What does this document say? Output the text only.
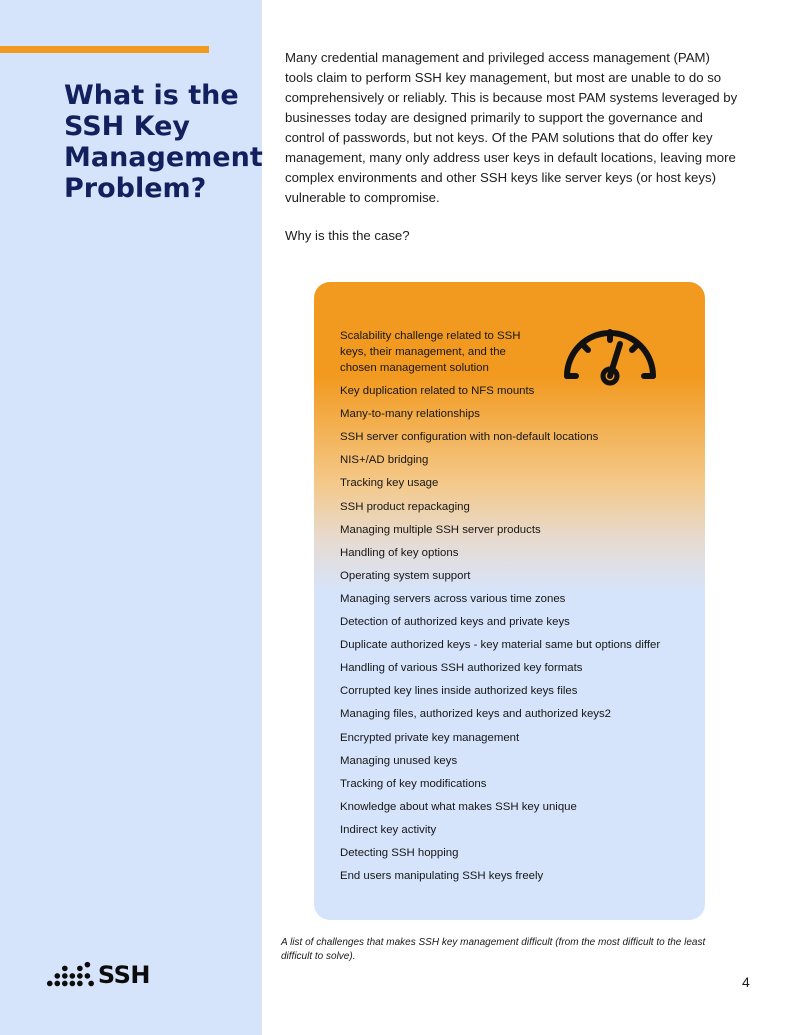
What is the
SSH Key
Management
Problem?
SSH

Many credential management and privileged access management (PAM) tools claim to perform SSH key management, but most are unable to do so comprehensively or reliably. This is because most PAM systems leveraged by businesses today are designed primarily to support the governance and control of passwords, but not keys. Of the PAM solutions that do offer key management, many only address user keys in default locations, leaving more complex environments and other SSH keys like server keys (or host keys) vulnerable to compromise.

Why is this the case?

Scalability challenge related to SSH keys, their management, and the chosen management solution
Key duplication related to NFS mounts
Many-to-many relationships
SSH server configuration with non-default locations
NIS+/AD bridging
Tracking key usage
SSH product repackaging
Managing multiple SSH server products
Handling of key options
Operating system support
Managing servers across various time zones
Detection of authorized keys and private keys
Duplicate authorized keys - key material same but options differ
Handling of various SSH authorized key formats
Corrupted key lines inside authorized keys files
Managing files, authorized keys and authorized keys2
Encrypted private key management
Managing unused keys
Tracking of key modifications
Knowledge about what makes SSH key unique
Indirect key activity
Detecting SSH hopping
End users manipulating SSH keys freely

A list of challenges that makes SSH key management difficult (from the most difficult to the least difficult to solve).

4
